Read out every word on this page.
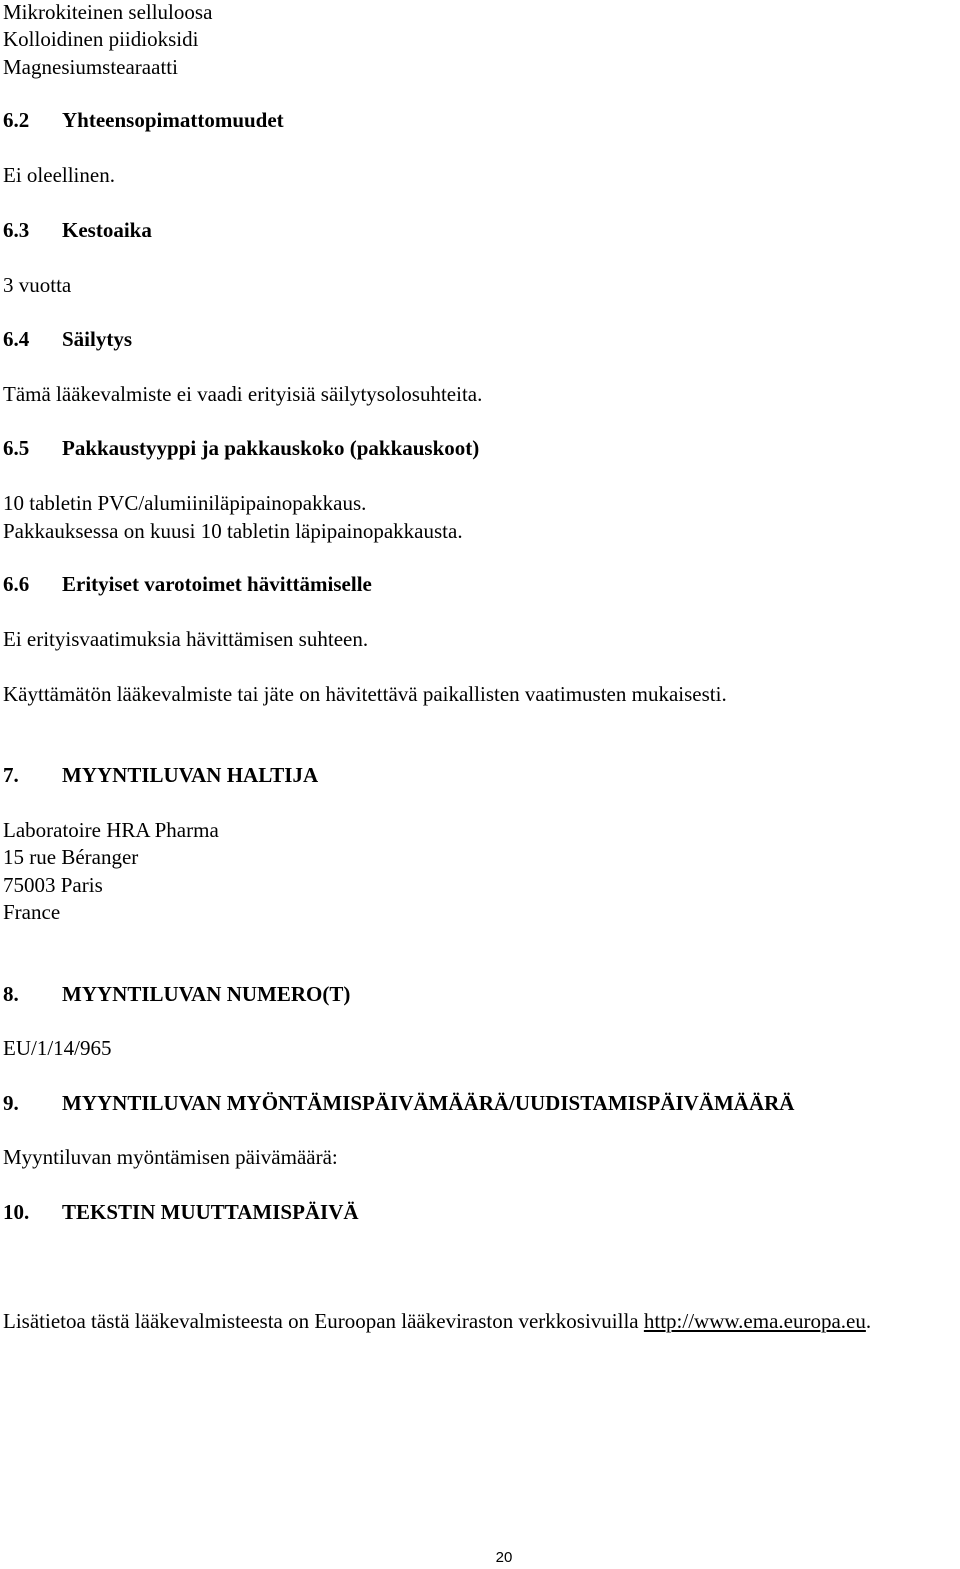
Mikrokiteinen selluloosa
Kolloidinen piidioksidi
Magnesiumstearaatti
6.2 Yhteensopimattomuudet
Ei oleellinen.
6.3 Kestoaika
3 vuotta
6.4 Säilytys
Tämä lääkevalmiste ei vaadi erityisiä säilytysolosuhteita.
6.5 Pakkaustyyppi ja pakkauskoko (pakkauskoot)
10 tabletin PVC/alumiiniläpipainopakkaus.
Pakkauksessa on kuusi 10 tabletin läpipainopakkausta.
6.6 Erityiset varotoimet hävittämiselle
Ei erityisvaatimuksia hävittämisen suhteen.
Käyttämätön lääkevalmiste tai jäte on hävitettävä paikallisten vaatimusten mukaisesti.
7. MYYNTILUVAN HALTIJA
Laboratoire HRA Pharma
15 rue Béranger
75003 Paris
France
8. MYYNTILUVAN NUMERO(T)
EU/1/14/965
9. MYYNTILUVAN MYÖNTÄMISPÄIVÄMÄÄRÄ/UUDISTAMISPÄIVÄMÄÄRÄ
Myyntiluvan myöntämisen päivämäärä:
10. TEKSTIN MUUTTAMISPÄIVÄ
Lisätietoa tästä lääkevalmisteesta on Euroopan lääkeviraston verkkosivuilla http://www.ema.europa.eu.
20
